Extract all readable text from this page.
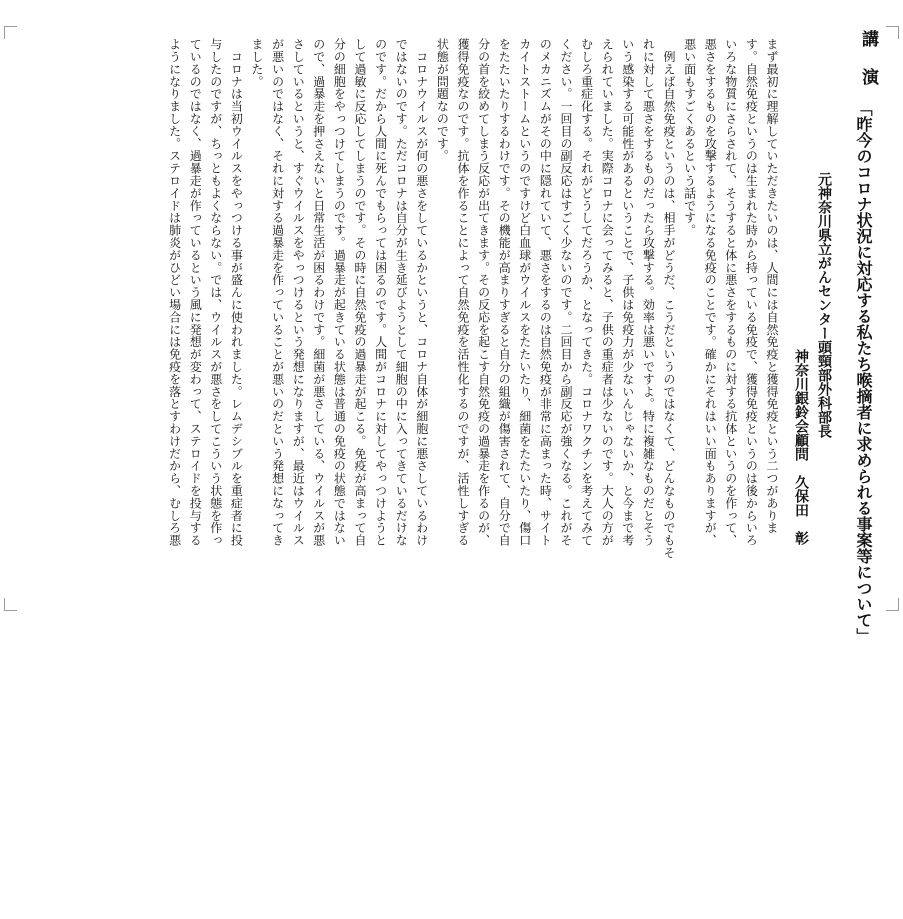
講　演
「昨今のコロナ状況に対応する私たち喉摘者に求められる事案等について」
元神奈川県立がんセンター頭頸部外科部長
神奈川銀鈴会顧問　久保田　彰
まず最初に理解していただきたいのは、人間には自然免疫と獲得免疫という二つがありま
す。自然免疫というのは生まれた時から持っている免疫で、獲得免疫というのは後からいろ
いろな物質にさらされて、そうすると体に悪さをするものに対する抗体というのを作って、
悪さをするものを攻撃するようになる免疫のことです。確かにそれはいい面もありますが、
悪い面もすごくあるという話です。
　例えば自然免疫というのは、相手がどうだ、こうだというのではなくて、どんなものでもそ
れに対して悪さをするものだったら攻撃する。効率は悪いですよ。特に複雑なものだとそう
いう感染する可能性があるということで、子供は免疫力が少ないんじゃないか、と今まで考
えられていました。実際コロナに会ってみると、子供の重症者は少ないのです。大人の方が
むしろ重症化する。それがどうしてだろうか、となってきた。コロナワクチンを考えてみて
ください。一回目の副反応はすごく少ないのです。二回目から副反応が強くなる。これがそ
のメカニズムがその中に隠れていて、悪さをするのは自然免疫が非常に高まった時、サイト
カイトストームというのですけど白血球がウイルスをたたいたり、細菌をたたいたり、傷口
をたたいたりするわけです。その機能が高まりすぎると自分の組織が傷害されて、自分で自
分の首を絞めてしまう反応が出てきます。その反応を起こす自然免疫の過暴走を作るのが、
獲得免疫なのです。抗体を作ることによって自然免疫を活性化するのですが、活性しすぎる
状態が問題なのです。
　コロナウイルスが何の悪さをしているかというと、コロナ自体が細胞に悪さしているわけ
ではないのです。ただコロナは自分が生き延びようとして細胞の中に入ってきているだけな
のです。だから人間に死んでもらっては困るのです。人間がコロナに対してやっつけようと
して過敏に反応してしまうのです。その時に自然免疫の過暴走が起こる。免疫が高まって自
分の細胞をやっつけてしまうのです。過暴走が起きている状態は普通の免疫の状態ではない
ので、過暴走を押さえないと日常生活が困るわけです。細菌が悪さしている、ウイルスが悪
さしているというと、すぐウイルスをやっつけるという発想になりますが、最近はウイルス
が悪いのではなく、それに対する過暴走を作っていることが悪いのだという発想になってき
ました。
　コロナは当初ウイルスをやっつける事が盛んに使われました。レムデシブルを重症者に投
与したのですが、ちっともよくならない。では、ウイルスが悪さをしてこういう状態を作っ
ているのではなく、過暴走が作っているという風に発想が変わって、ステロイドを投与する
ようになりました。ステロイドは肺炎がひどい場合には免疫を落とすわけだから、むしろ悪
